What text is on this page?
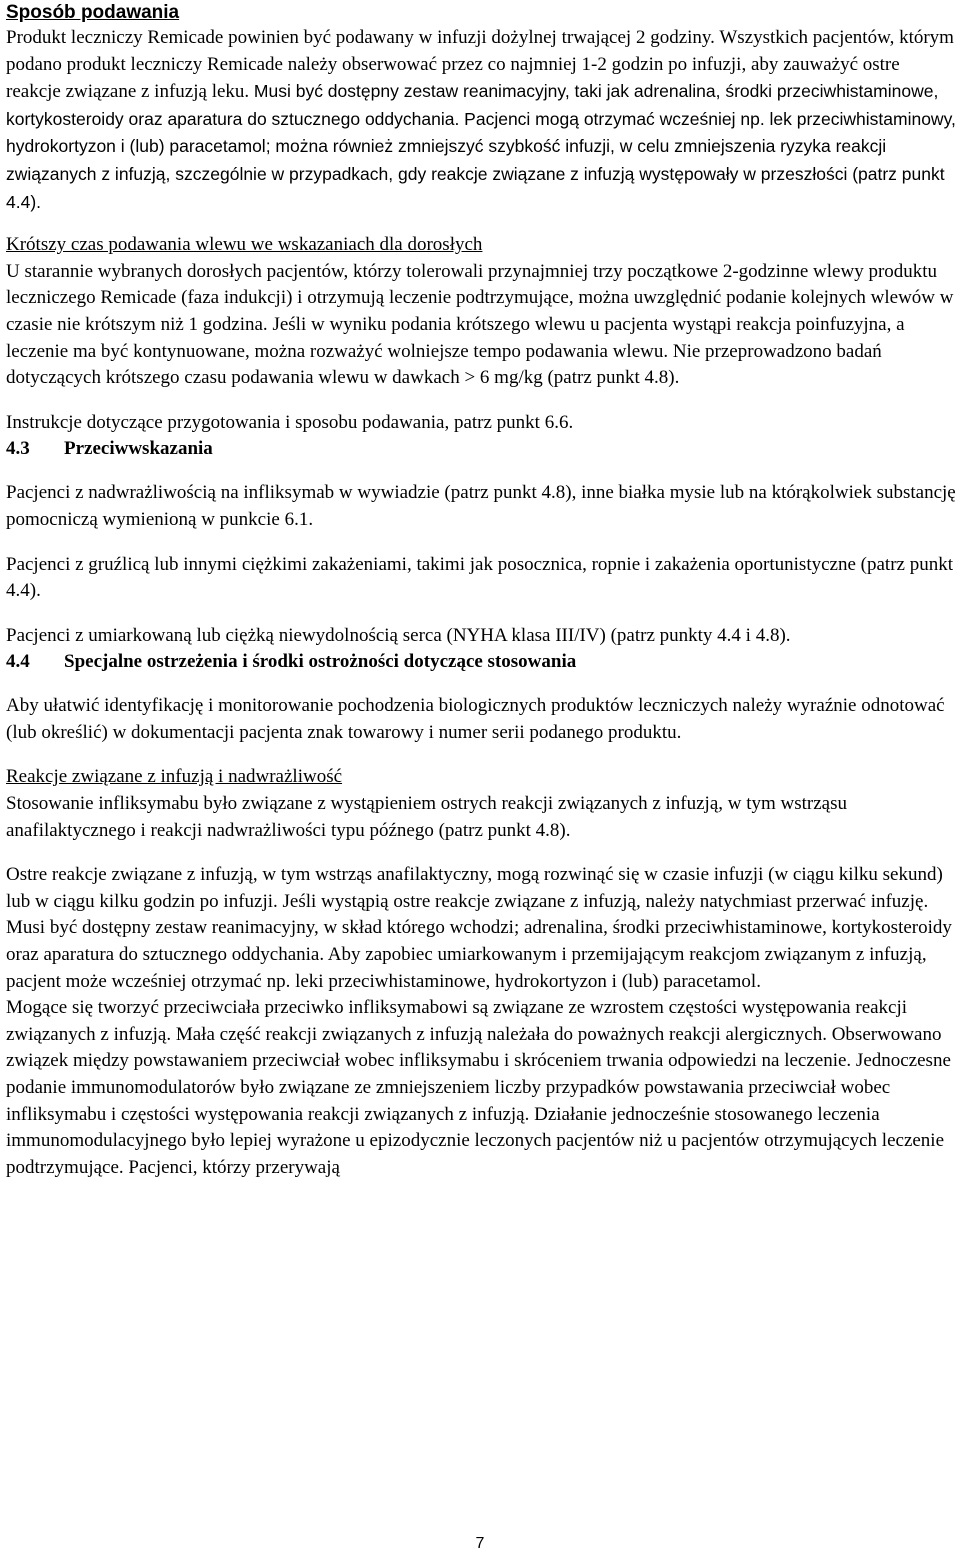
Sposób podawania

Produkt leczniczy Remicade powinien być podawany w infuzji dożylnej trwającej 2 godziny. Wszystkich pacjentów, którym podano produkt leczniczy Remicade należy obserwować przez co najmniej 1-2 godzin po infuzji, aby zauważyć ostre reakcje związane z infuzją leku. Musi być dostępny zestaw reanimacyjny, taki jak adrenalina, środki przeciwhistaminowe, kortykosteroidy oraz aparatura do sztucznego oddychania. Pacjenci mogą otrzymać wcześniej np. lek przeciwhistaminowy, hydrokortyzon i (lub) paracetamol; można również zmniejszyć szybkość infuzji, w celu zmniejszenia ryzyka reakcji związanych z infuzją, szczególnie w przypadkach, gdy reakcje związane z infuzją występowały w przeszłości (patrz punkt 4.4).

Krótszy czas podawania wlewu we wskazaniach dla dorosłych

U starannie wybranych dorosłych pacjentów, którzy tolerowali przynajmniej trzy początkowe 2-godzinne wlewy produktu leczniczego Remicade (faza indukcji) i otrzymują leczenie podtrzymujące, można uwzględnić podanie kolejnych wlewów w czasie nie krótszym niż 1 godzina. Jeśli w wyniku podania krótszego wlewu u pacjenta wystąpi reakcja poinfuzyjna, a leczenie ma być kontynuowane, można rozważyć wolniejsze tempo podawania wlewu. Nie przeprowadzono badań dotyczących krótszego czasu podawania wlewu w dawkach > 6 mg/kg (patrz punkt 4.8).

Instrukcje dotyczące przygotowania i sposobu podawania, patrz punkt 6.6.

4.3	Przeciwwskazania

Pacjenci z nadwrażliwością na infliksymab w wywiadzie (patrz punkt 4.8), inne białka mysie lub na którąkolwiek substancję pomocniczą wymienioną w punkcie 6.1.

Pacjenci z gruźlicą lub innymi ciężkimi zakażeniami, takimi jak posocznica, ropnie i zakażenia oportunistyczne (patrz punkt 4.4).

Pacjenci z umiarkowaną lub ciężką niewydolnością serca (NYHA klasa III/IV) (patrz punkty 4.4 i 4.8).

4.4	Specjalne ostrzeżenia i środki ostrożności dotyczące stosowania

Aby ułatwić identyfikację i monitorowanie pochodzenia biologicznych produktów leczniczych należy wyraźnie odnotować (lub określić) w dokumentacji pacjenta znak towarowy i numer serii podanego produktu.

Reakcje związane z infuzją i nadwrażliwość

Stosowanie infliksymabu było związane z wystąpieniem ostrych reakcji związanych z infuzją, w tym wstrząsu anafilaktycznego i reakcji nadwrażliwości typu późnego (patrz punkt 4.8).

Ostre reakcje związane z infuzją, w tym wstrząs anafilaktyczny, mogą rozwinąć się w czasie infuzji (w ciągu kilku sekund) lub w ciągu kilku godzin po infuzji. Jeśli wystąpią ostre reakcje związane z infuzją, należy natychmiast przerwać infuzję. Musi być dostępny zestaw reanimacyjny, w skład którego wchodzi; adrenalina, środki przeciwhistaminowe, kortykosteroidy oraz aparatura do sztucznego oddychania. Aby zapobiec umiarkowanym i przemijającym reakcjom związanym z infuzją, pacjent może wcześniej otrzymać np. leki przeciwhistaminowe, hydrokortyzon i (lub) paracetamol.

Mogące się tworzyć przeciwciała przeciwko infliksymabowi są związane ze wzrostem częstości występowania reakcji związanych z infuzją. Mała część reakcji związanych z infuzją należała do poważnych reakcji alergicznych. Obserwowano związek między powstawaniem przeciwciał wobec infliksymabu i skróceniem trwania odpowiedzi na leczenie. Jednoczesne podanie immunomodulatorów było związane ze zmniejszeniem liczby przypadków powstawania przeciwciał wobec infliksymabu i częstości występowania reakcji związanych z infuzją. Działanie jednocześnie stosowanego leczenia immunomodulacyjnego było lepiej wyrażone u epizodycznie leczonych pacjentów niż u pacjentów otrzymujących leczenie podtrzymujące. Pacjenci, którzy przerywają

7
